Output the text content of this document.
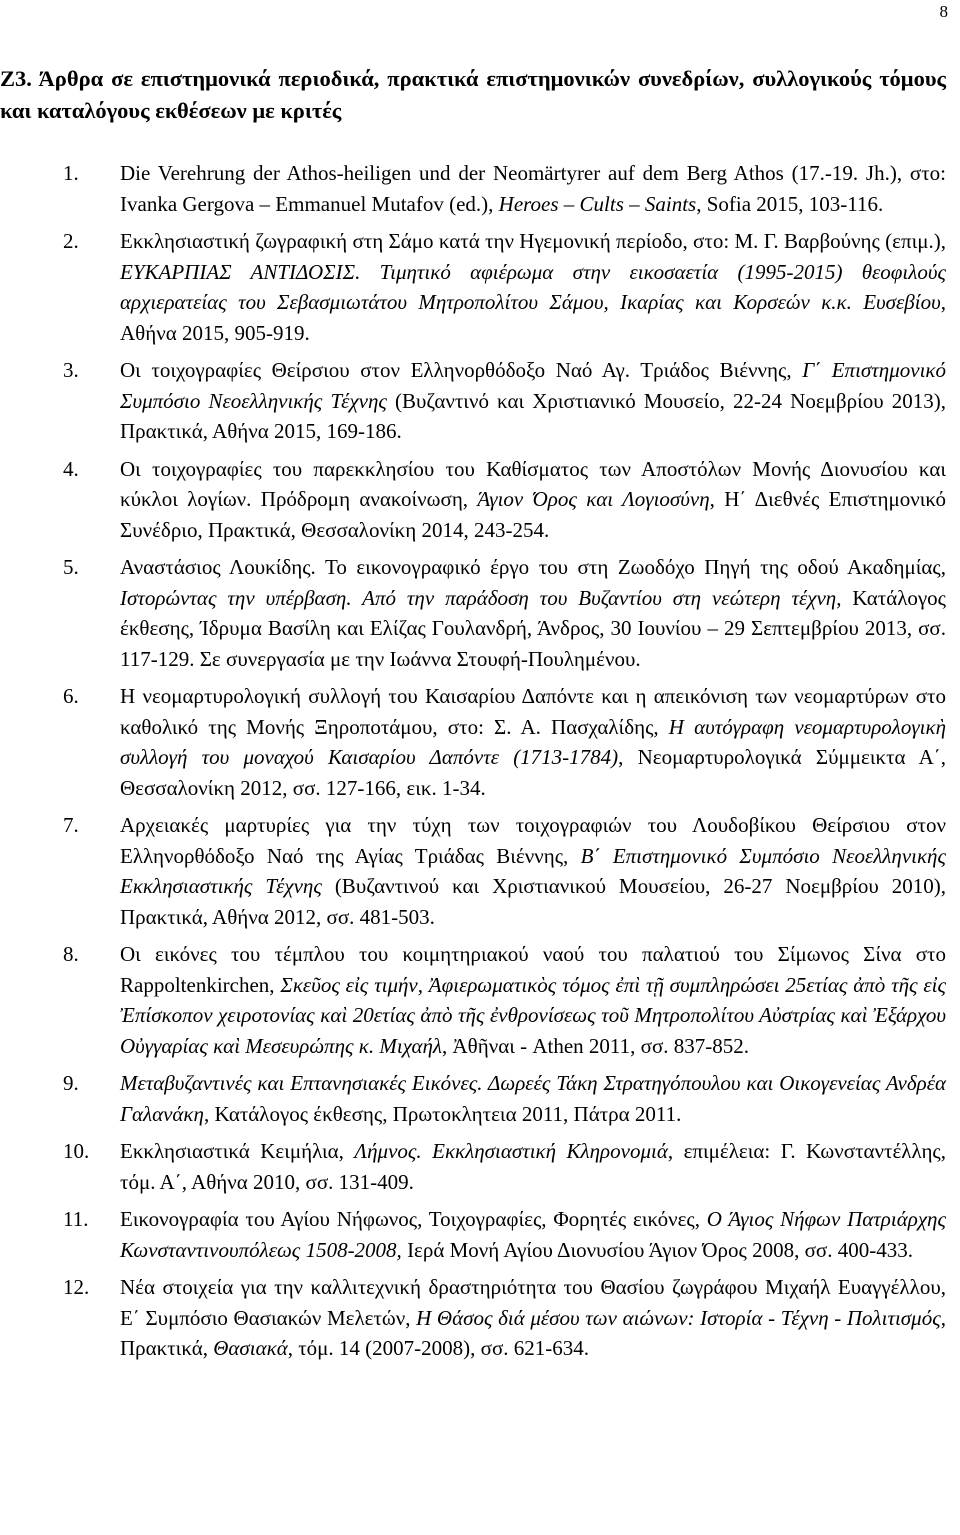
8
Ζ3. Άρθρα σε επιστημονικά περιοδικά, πρακτικά επιστημονικών συνεδρίων, συλλογικούς τόμους και καταλόγους εκθέσεων με κριτές
1. Die Verehrung der Athos-heiligen und der Neomärtyrer auf dem Berg Athos (17.-19. Jh.), στο: Ivanka Gergova – Emmanuel Mutafov (ed.), Heroes – Cults – Saints, Sofia 2015, 103-116.
2. Εκκλησιαστική ζωγραφική στη Σάμο κατά την Ηγεμονική περίοδο, στο: Μ. Γ. Βαρβούνης (επιμ.), ΕΥΚΑΡΠΙΑΣ ΑΝΤΙΔΟΣΙΣ. Τιμητικό αφιέρωμα στην εικοσαετία (1995-2015) θεοφιλούς αρχιερατείας του Σεβασμιωτάτου Μητροπολίτου Σάμου, Ικαρίας και Κορσεών κ.κ. Ευσεβίου, Αθήνα 2015, 905-919.
3. Οι τοιχογραφίες Θείρσιου στον Ελληνορθόδοξο Ναό Αγ. Τριάδος Βιέννης, Γ΄ Επιστημονικό Συμπόσιο Νεοελληνικής Τέχνης (Βυζαντινό και Χριστιανικό Μουσείο, 22-24 Νοεμβρίου 2013), Πρακτικά, Αθήνα 2015, 169-186.
4. Οι τοιχογραφίες του παρεκκλησίου του Καθίσματος των Αποστόλων Μονής Διονυσίου και κύκλοι λογίων. Πρόδρομη ανακοίνωση, Άγιον Όρος και Λογιοσύνη, Η΄ Διεθνές Επιστημονικό Συνέδριο, Πρακτικά, Θεσσαλονίκη 2014, 243-254.
5. Αναστάσιος Λουκίδης. Το εικονογραφικό έργο του στη Ζωοδόχο Πηγή της οδού Ακαδημίας, Ιστορώντας την υπέρβαση. Από την παράδοση του Βυζαντίου στη νεώτερη τέχνη, Κατάλογος έκθεσης, Ίδρυμα Βασίλη και Ελίζας Γουλανδρή, Άνδρος, 30 Ιουνίου – 29 Σεπτεμβρίου 2013, σσ. 117-129. Σε συνεργασία με την Ιωάννα Στουφή-Πουλημένου.
6. Η νεομαρτυρολογική συλλογή του Καισαρίου Δαπόντε και η απεικόνιση των νεομαρτύρων στο καθολικό της Μονής Ξηροποτάμου, στο: Σ. Α. Πασχαλίδης, Η αυτόγραφη νεομαρτυρολογικὴ συλλογή του μοναχού Καισαρίου Δαπόντε (1713-1784), Νεομαρτυρολογικά Σύμμεικτα Α΄, Θεσσαλονίκη 2012, σσ. 127-166, εικ. 1-34.
7. Αρχειακές μαρτυρίες για την τύχη των τοιχογραφιών του Λουδοβίκου Θείρσιου στον Ελληνορθόδοξο Ναό της Αγίας Τριάδας Βιέννης, Β΄ Επιστημονικό Συμπόσιο Νεοελληνικής Εκκλησιαστικής Τέχνης (Βυζαντινού και Χριστιανικού Μουσείου, 26-27 Νοεμβρίου 2010), Πρακτικά, Αθήνα 2012, σσ. 481-503.
8. Οι εικόνες του τέμπλου του κοιμητηριακού ναού του παλατιού του Σίμωνος Σίνα στο Rappoltenkirchen, Σκεῦος εἰς τιμήν, Ἀφιερωματικὸς τόμος ἐπὶ τῇ συμπληρώσει 25ετίας ἀπὸ τῆς εἰς Ἐπίσκοπον χειροτονίας καὶ 20ετίας ἀπὸ τῆς ἐνθρονίσεως τοῦ Μητροπολίτου Αὐστρίας καὶ Ἐξάρχου Οὐγγαρίας καὶ Μεσευρώπης κ. Μιχαήλ, Ἀθῆναι - Athen 2011, σσ. 837-852.
9. Μεταβυζαντινές και Επτανησιακές Εικόνες. Δωρεές Τάκη Στρατηγόπουλου και Οικογενείας Ανδρέα Γαλανάκη, Κατάλογος έκθεσης, Πρωτοκλητεια 2011, Πάτρα 2011.
10. Εκκλησιαστικά Κειμήλια, Λήμνος. Εκκλησιαστική Κληρονομιά, επιμέλεια: Γ. Κωνσταντέλλης, τόμ. Α΄, Αθήνα 2010, σσ. 131-409.
11. Εικονογραφία του Αγίου Νήφωνος, Τοιχογραφίες, Φορητές εικόνες, Ο Άγιος Νήφων Πατριάρχης Κωνσταντινουπόλεως 1508-2008, Ιερά Μονή Αγίου Διονυσίου Άγιον Όρος 2008, σσ. 400-433.
12. Νέα στοιχεία για την καλλιτεχνική δραστηριότητα του Θασίου ζωγράφου Μιχαήλ Ευαγγέλλου, Ε΄ Συμπόσιο Θασιακών Μελετών, Η Θάσος διά μέσου των αιώνων: Ιστορία - Τέχνη - Πολιτισμός, Πρακτικά, Θασιακά, τόμ. 14 (2007-2008), σσ. 621-634.
